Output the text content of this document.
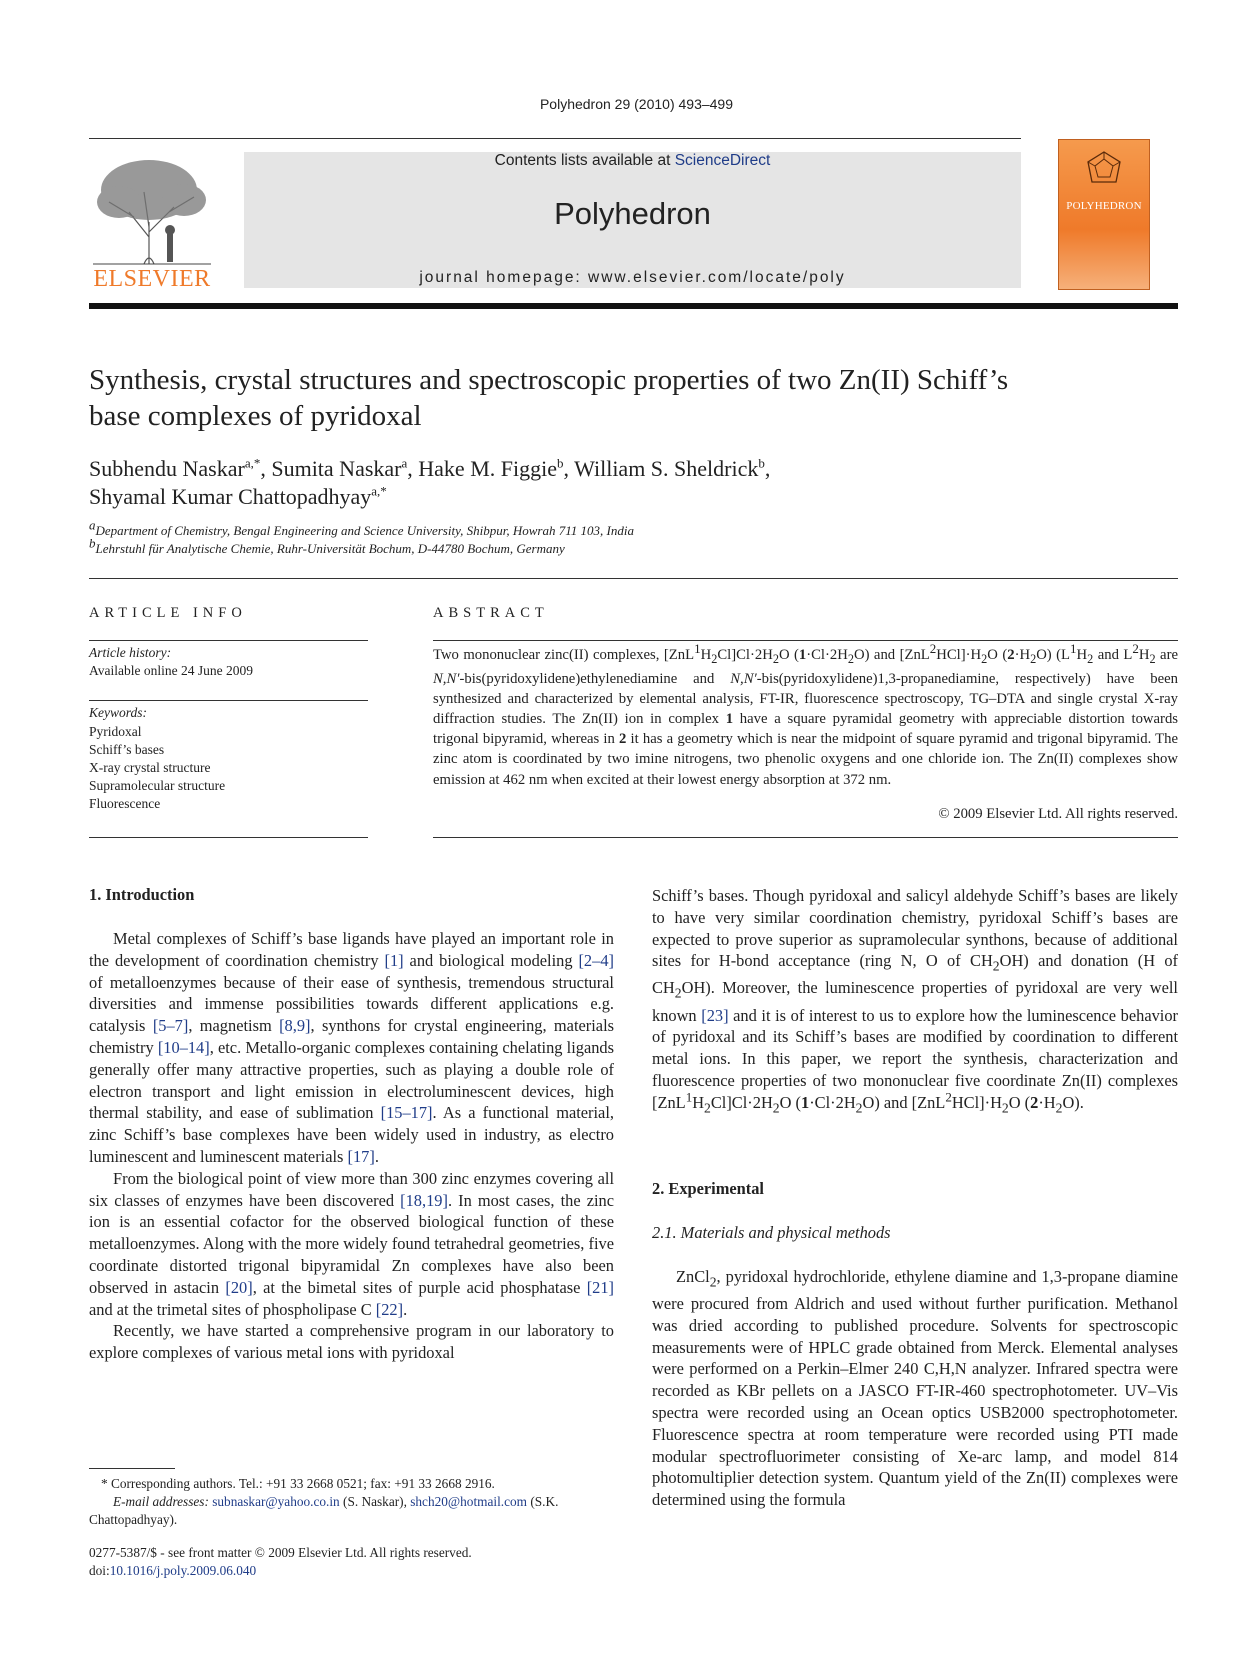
Polyhedron 29 (2010) 493–499
ELSEVIER
Contents lists available at ScienceDirect
Polyhedron
journal homepage: www.elsevier.com/locate/poly
POLYHEDRON
Synthesis, crystal structures and spectroscopic properties of two Zn(II) Schiff’s
base complexes of pyridoxal
Subhendu Naskar$^{a,*}$, Sumita Naskar$^a$, Hake M. Figgie$^b$, William S. Sheldrick$^b$,
Shyamal Kumar Chattopadhyay$^{a,*}$
aDepartment of Chemistry, Bengal Engineering and Science University, Shibpur, Howrah 711 103, India
bLehrstuhl für Analytische Chemie, Ruhr-Universität Bochum, D-44780 Bochum, Germany
ARTICLE INFO
Article history:
Available online 24 June 2009
Keywords:
Pyridoxal
Schiff’s bases
X-ray crystal structure
Supramolecular structure
Fluorescence
ABSTRACT
Two mononuclear zinc(II) complexes, $[ZnL1H_2Cl]Cl\cdot 2H_2O$ $(1\cdot Cl\cdot 2H_2O)$ and $[ZnL2HCl]\cdot H_2O$ $(2\cdot H_2O)$ ($L1H_2$ and $L2H_2$ are N,N′-bis(pyridoxylidene)ethylenediamine and N,N′-bis(pyridoxylidene)1,3-propanediamine, respectively) have been synthesized and characterized by elemental analysis, FT-IR, fluorescence spectroscopy, TG–DTA and single crystal X-ray diffraction studies. The Zn(II) ion in complex 1 have a square pyramidal geometry with appreciable distortion towards trigonal bipyramid, whereas in 2 it has a geometry which is near the midpoint of square pyramid and trigonal bipyramid. The zinc atom is coordinated by two imine nitrogens, two phenolic oxygens and one chloride ion. The Zn(II) complexes show emission at 462 nm when excited at their lowest energy absorption at 372 nm.
© 2009 Elsevier Ltd. All rights reserved.
1. Introduction

Metal complexes of Schiff’s base ligands have played an important role in the development of coordination chemistry [1] and biological modeling [2–4] of metalloenzymes because of their ease of synthesis, tremendous structural diversities and immense possibilities towards different applications e.g. catalysis [5–7], magnetism [8,9], synthons for crystal engineering, materials chemistry [10–14], etc. Metallo-organic complexes containing chelating ligands generally offer many attractive properties, such as playing a double role of electron transport and light emission in electroluminescent devices, high thermal stability, and ease of sublimation [15–17]. As a functional material, zinc Schiff’s base complexes have been widely used in industry, as electro luminescent and luminescent materials [17].

From the biological point of view more than 300 zinc enzymes covering all six classes of enzymes have been discovered [18,19]. In most cases, the zinc ion is an essential cofactor for the observed biological function of these metalloenzymes. Along with the more widely found tetrahedral geometries, five coordinate distorted trigonal bipyramidal Zn complexes have also been observed in astacin [20], at the bimetal sites of purple acid phosphatase [21] and at the trimetal sites of phospholipase C [22].

Recently, we have started a comprehensive program in our laboratory to explore complexes of various metal ions with pyridoxal

Schiff’s bases. Though pyridoxal and salicyl aldehyde Schiff’s bases are likely to have very similar coordination chemistry, pyridoxal Schiff’s bases are expected to prove superior as supramolecular synthons, because of additional sites for H-bond acceptance (ring N, O of $CH_2OH$) and donation (H of $CH_2OH$). Moreover, the luminescence properties of pyridoxal are very well known [23] and it is of interest to us to explore how the luminescence behavior of pyridoxal and its Schiff’s bases are modified by coordination to different metal ions. In this paper, we report the synthesis, characterization and fluorescence properties of two mononuclear five coordinate Zn(II) complexes $[ZnL^1H_2Cl]Cl\cdot 2H_2O$ $(1\cdot Cl\cdot 2H_2O)$ and $[ZnL^2HCl]\cdot H_2O$ $(2\cdot H_2O)$.

2. Experimental
2.1. Materials and physical methods

ZnCl$_2$, pyridoxal hydrochloride, ethylene diamine and 1,3-propane diamine were procured from Aldrich and used without further purification. Methanol was dried according to published procedure. Solvents for spectroscopic measurements were of HPLC grade obtained from Merck. Elemental analyses were performed on a Perkin–Elmer 240 C,H,N analyzer. Infrared spectra were recorded as KBr pellets on a JASCO FT-IR-460 spectrophotometer. UV–Vis spectra were recorded using an Ocean optics USB2000 spectrophotometer. Fluorescence spectra at room temperature were recorded using PTI made modular spectrofluorimeter consisting of Xe-arc lamp, and model 814 photomultiplier detection system. Quantum yield of the Zn(II) complexes were determined using the formula

* Corresponding authors. Tel.: +91 33 2668 0521; fax: +91 33 2668 2916.
E-mail addresses: subnaskar@yahoo.co.in (S. Naskar), shch20@hotmail.com (S.K. Chattopadhyay).
0277-5387/$ - see front matter © 2009 Elsevier Ltd. All rights reserved.
doi:10.1016/j.poly.2009.06.040
